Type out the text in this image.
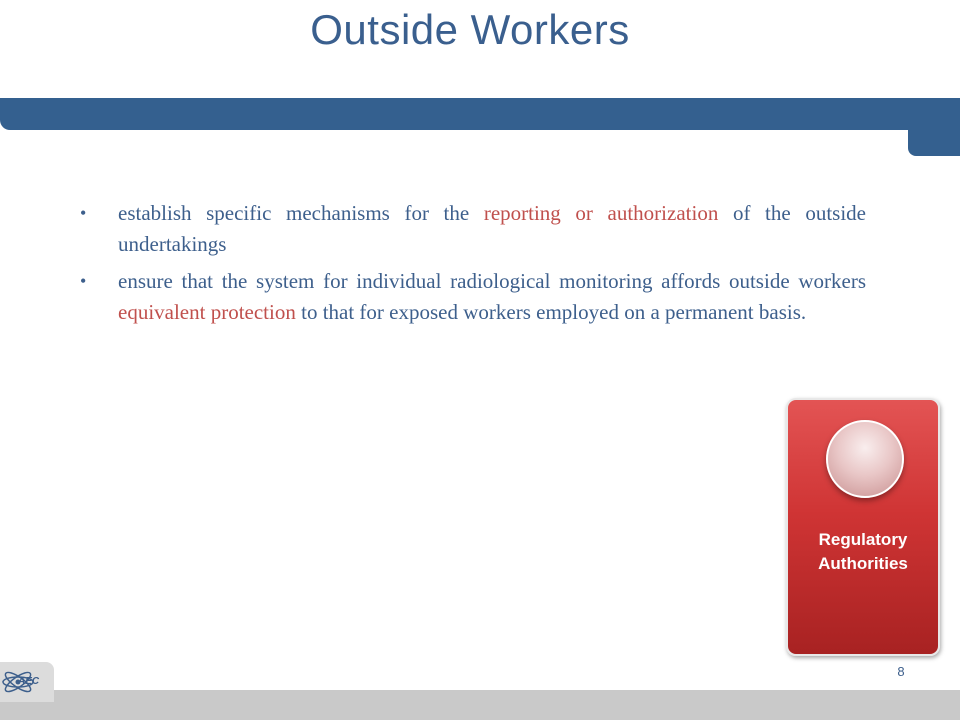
Outside Workers
• establish specific mechanisms for the reporting or authorization of the outside undertakings
• ensure that the system for individual radiological monitoring affords outside workers equivalent protection to that for exposed workers employed on a permanent basis.
Regulatory
Authorities
AEC
8
